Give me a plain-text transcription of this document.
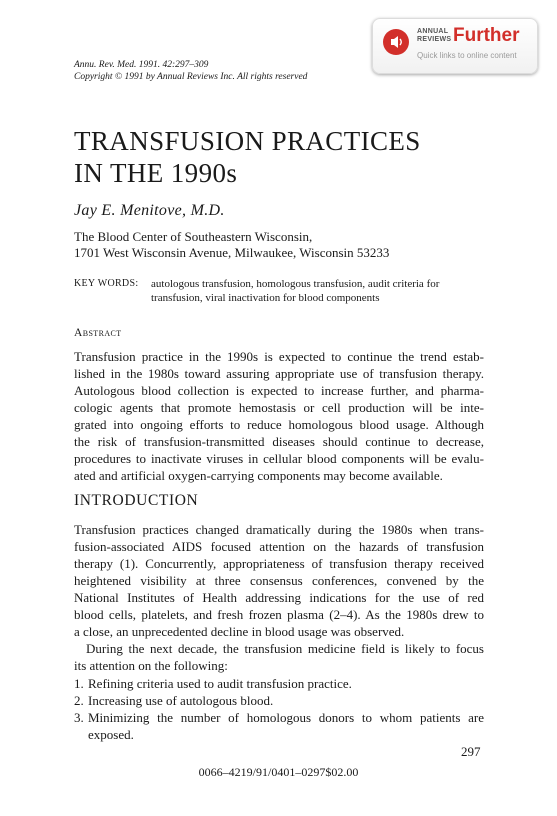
Annu. Rev. Med. 1991. 42:297–309
Copyright © 1991 by Annual Reviews Inc. All rights reserved
ANNUAL
REVIEWS Further
Quick links to online content
TRANSFUSION PRACTICES
IN THE 1990s
Jay E. Menitove, M.D.
The Blood Center of Southeastern Wisconsin,
1701 West Wisconsin Avenue, Milwaukee, Wisconsin 53233
KEY WORDS: autologous transfusion, homologous transfusion, audit criteria for
transfusion, viral inactivation for blood components
Abstract
Transfusion practice in the 1990s is expected to continue the trend estab-
lished in the 1980s toward assuring appropriate use of transfusion therapy.
Autologous blood collection is expected to increase further, and pharma-
cologic agents that promote hemostasis or cell production will be inte-
grated into ongoing efforts to reduce homologous blood usage. Although
the risk of transfusion-transmitted diseases should continue to decrease,
procedures to inactivate viruses in cellular blood components will be evalu-
ated and artificial oxygen-carrying components may become available.
INTRODUCTION
Transfusion practices changed dramatically during the 1980s when trans-
fusion-associated AIDS focused attention on the hazards of transfusion
therapy (1). Concurrently, appropriateness of transfusion therapy received
heightened visibility at three consensus conferences, convened by the
National Institutes of Health addressing indications for the use of red
blood cells, platelets, and fresh frozen plasma (2–4). As the 1980s drew to
a close, an unprecedented decline in blood usage was observed.
During the next decade, the transfusion medicine field is likely to focus
its attention on the following:
1. Refining criteria used to audit transfusion practice.
2. Increasing use of autologous blood.
3. Minimizing the number of homologous donors to whom patients are
exposed.
297
0066–4219/91/0401–0297$02.00
